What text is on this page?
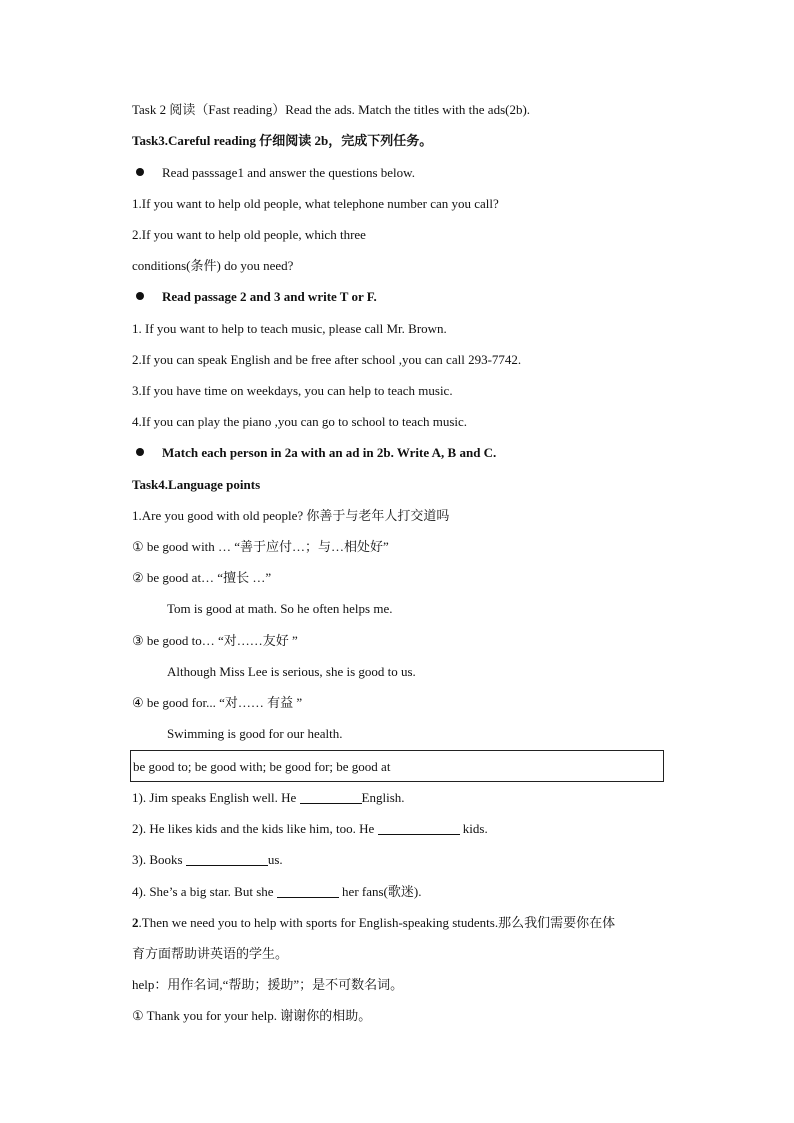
Task 2 阅读（Fast reading）Read the ads. Match the titles with the ads(2b).
Task3.Careful reading 仔细阅读 2b，完成下列任务。
Read passsage1 and answer the questions below.
1.If you want to help old people, what telephone number can you call?
2.If you want to help old people, which three
conditions(条件) do you need?
Read passage 2 and 3 and write T or F.
1. If you want to help to teach music, please call Mr. Brown.
2.If you can speak English and be free after school ,you can call 293-7742.
3.If you have time on weekdays, you can help to teach music.
4.If you can play the piano ,you can go to school to teach music.
Match each person in 2a with an ad in 2b. Write A, B and C.
Task4.Language points
1.Are you good with old people? 你善于与老年人打交道吗
① be good with … “善于应付…；与…相处好”
② be good at… “擅长 …”
Tom is good at math. So he often helps me.
③ be good to… “对……友好 ”
Although Miss Lee is serious, she is good to us.
④ be good for... “对…… 有益 ”
Swimming is good for our health.
be good to; be good with; be good for; be good at
1). Jim speaks English well. He	English.
2). He likes kids and the kids like him, too. He	kids.
3). Books	us.
4). She’s a big star. But she	her fans(歌迷).
2.Then we need you to help with sports for English-speaking students.那么我们需要你在体
育方面帮助讲英语的学生。
help：用作名词,“帮助；援助”；是不可数名词。
① Thank you for your help. 谢谢你的相助。
